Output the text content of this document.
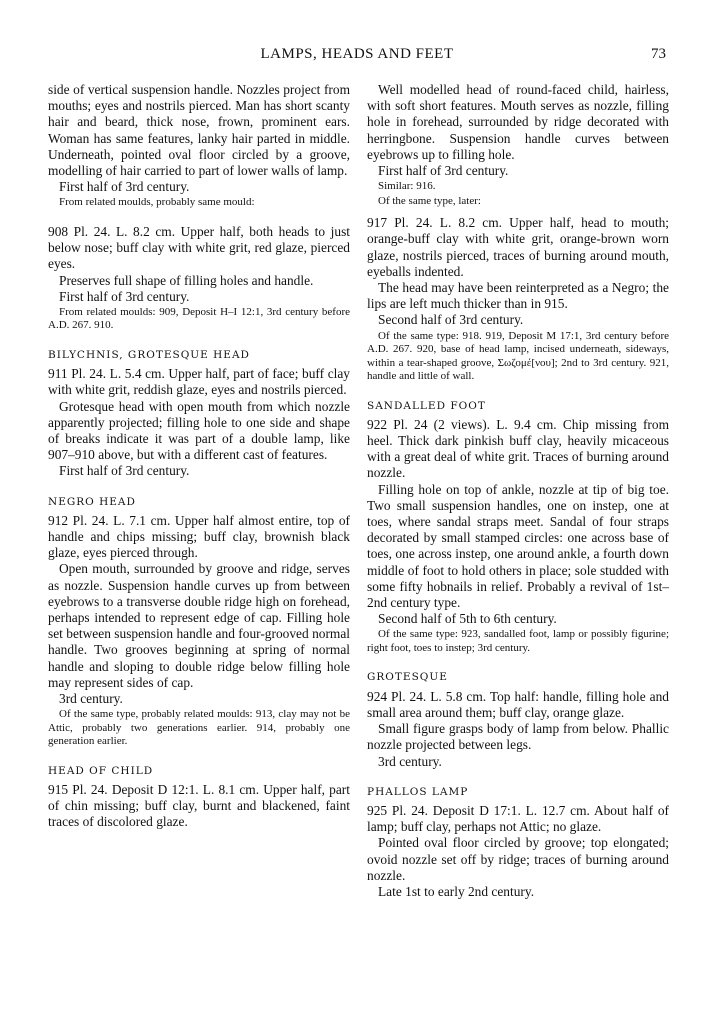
LAMPS, HEADS AND FEET	73

side of vertical suspension handle. Nozzles project from mouths; eyes and nostrils pierced. Man has short scanty hair and beard, thick nose, frown, prominent ears. Woman has same features, lanky hair parted in middle. Underneath, pointed oval floor circled by a groove, modelling of hair carried to part of lower walls of lamp.

First half of 3rd century.

From related moulds, probably same mould:

908 Pl. 24. L. 8.2 cm. Upper half, both heads to just below nose; buff clay with white grit, red glaze, pierced eyes.

Preserves full shape of filling holes and handle.

First half of 3rd century.

From related moulds: 909, Deposit H–I 12:1, 3rd century before A.D. 267. 910.

BILYCHNIS, GROTESQUE HEAD

911 Pl. 24. L. 5.4 cm. Upper half, part of face; buff clay with white grit, reddish glaze, eyes and nostrils pierced.

Grotesque head with open mouth from which nozzle apparently projected; filling hole to one side and shape of breaks indicate it was part of a double lamp, like 907–910 above, but with a different cast of features.

First half of 3rd century.

NEGRO HEAD

912 Pl. 24. L. 7.1 cm. Upper half almost entire, top of handle and chips missing; buff clay, brownish black glaze, eyes pierced through.

Open mouth, surrounded by groove and ridge, serves as nozzle. Suspension handle curves up from between eyebrows to a transverse double ridge high on forehead, perhaps intended to represent edge of cap. Filling hole set between suspension handle and four-grooved normal handle. Two grooves beginning at spring of normal handle and sloping to double ridge below filling hole may represent sides of cap.

3rd century.

Of the same type, probably related moulds: 913, clay may not be Attic, probably two generations earlier. 914, probably one generation earlier.

HEAD OF CHILD

915 Pl. 24. Deposit D 12:1. L. 8.1 cm. Upper half, part of chin missing; buff clay, burnt and blackened, faint traces of discolored glaze.

Well modelled head of round-faced child, hairless, with soft short features. Mouth serves as nozzle, filling hole in forehead, surrounded by ridge decorated with herringbone. Suspension handle curves between eyebrows up to filling hole.

First half of 3rd century.

Similar: 916.

Of the same type, later:

917 Pl. 24. L. 8.2 cm. Upper half, head to mouth; orange-buff clay with white grit, orange-brown worn glaze, nostrils pierced, traces of burning around mouth, eyeballs indented.

The head may have been reinterpreted as a Negro; the lips are left much thicker than in 915.

Second half of 3rd century.

Of the same type: 918. 919, Deposit M 17:1, 3rd century before A.D. 267. 920, base of head lamp, incised underneath, sideways, within a tear-shaped groove, Σωζομέ[νου]; 2nd to 3rd century. 921, handle and little of wall.

SANDALLED FOOT

922 Pl. 24 (2 views). L. 9.4 cm. Chip missing from heel. Thick dark pinkish buff clay, heavily micaceous with a great deal of white grit. Traces of burning around nozzle.

Filling hole on top of ankle, nozzle at tip of big toe. Two small suspension handles, one on instep, one at toes, where sandal straps meet. Sandal of four straps decorated by small stamped circles: one across base of toes, one across instep, one around ankle, a fourth down middle of foot to hold others in place; sole studded with some fifty hobnails in relief. Probably a revival of 1st–2nd century type.

Second half of 5th to 6th century.

Of the same type: 923, sandalled foot, lamp or possibly figurine; right foot, toes to instep; 3rd century.

GROTESQUE

924 Pl. 24. L. 5.8 cm. Top half: handle, filling hole and small area around them; buff clay, orange glaze.

Small figure grasps body of lamp from below. Phallic nozzle projected between legs.

3rd century.

PHALLOS LAMP

925 Pl. 24. Deposit D 17:1. L. 12.7 cm. About half of lamp; buff clay, perhaps not Attic; no glaze.

Pointed oval floor circled by groove; top elongated; ovoid nozzle set off by ridge; traces of burning around nozzle.

Late 1st to early 2nd century.
